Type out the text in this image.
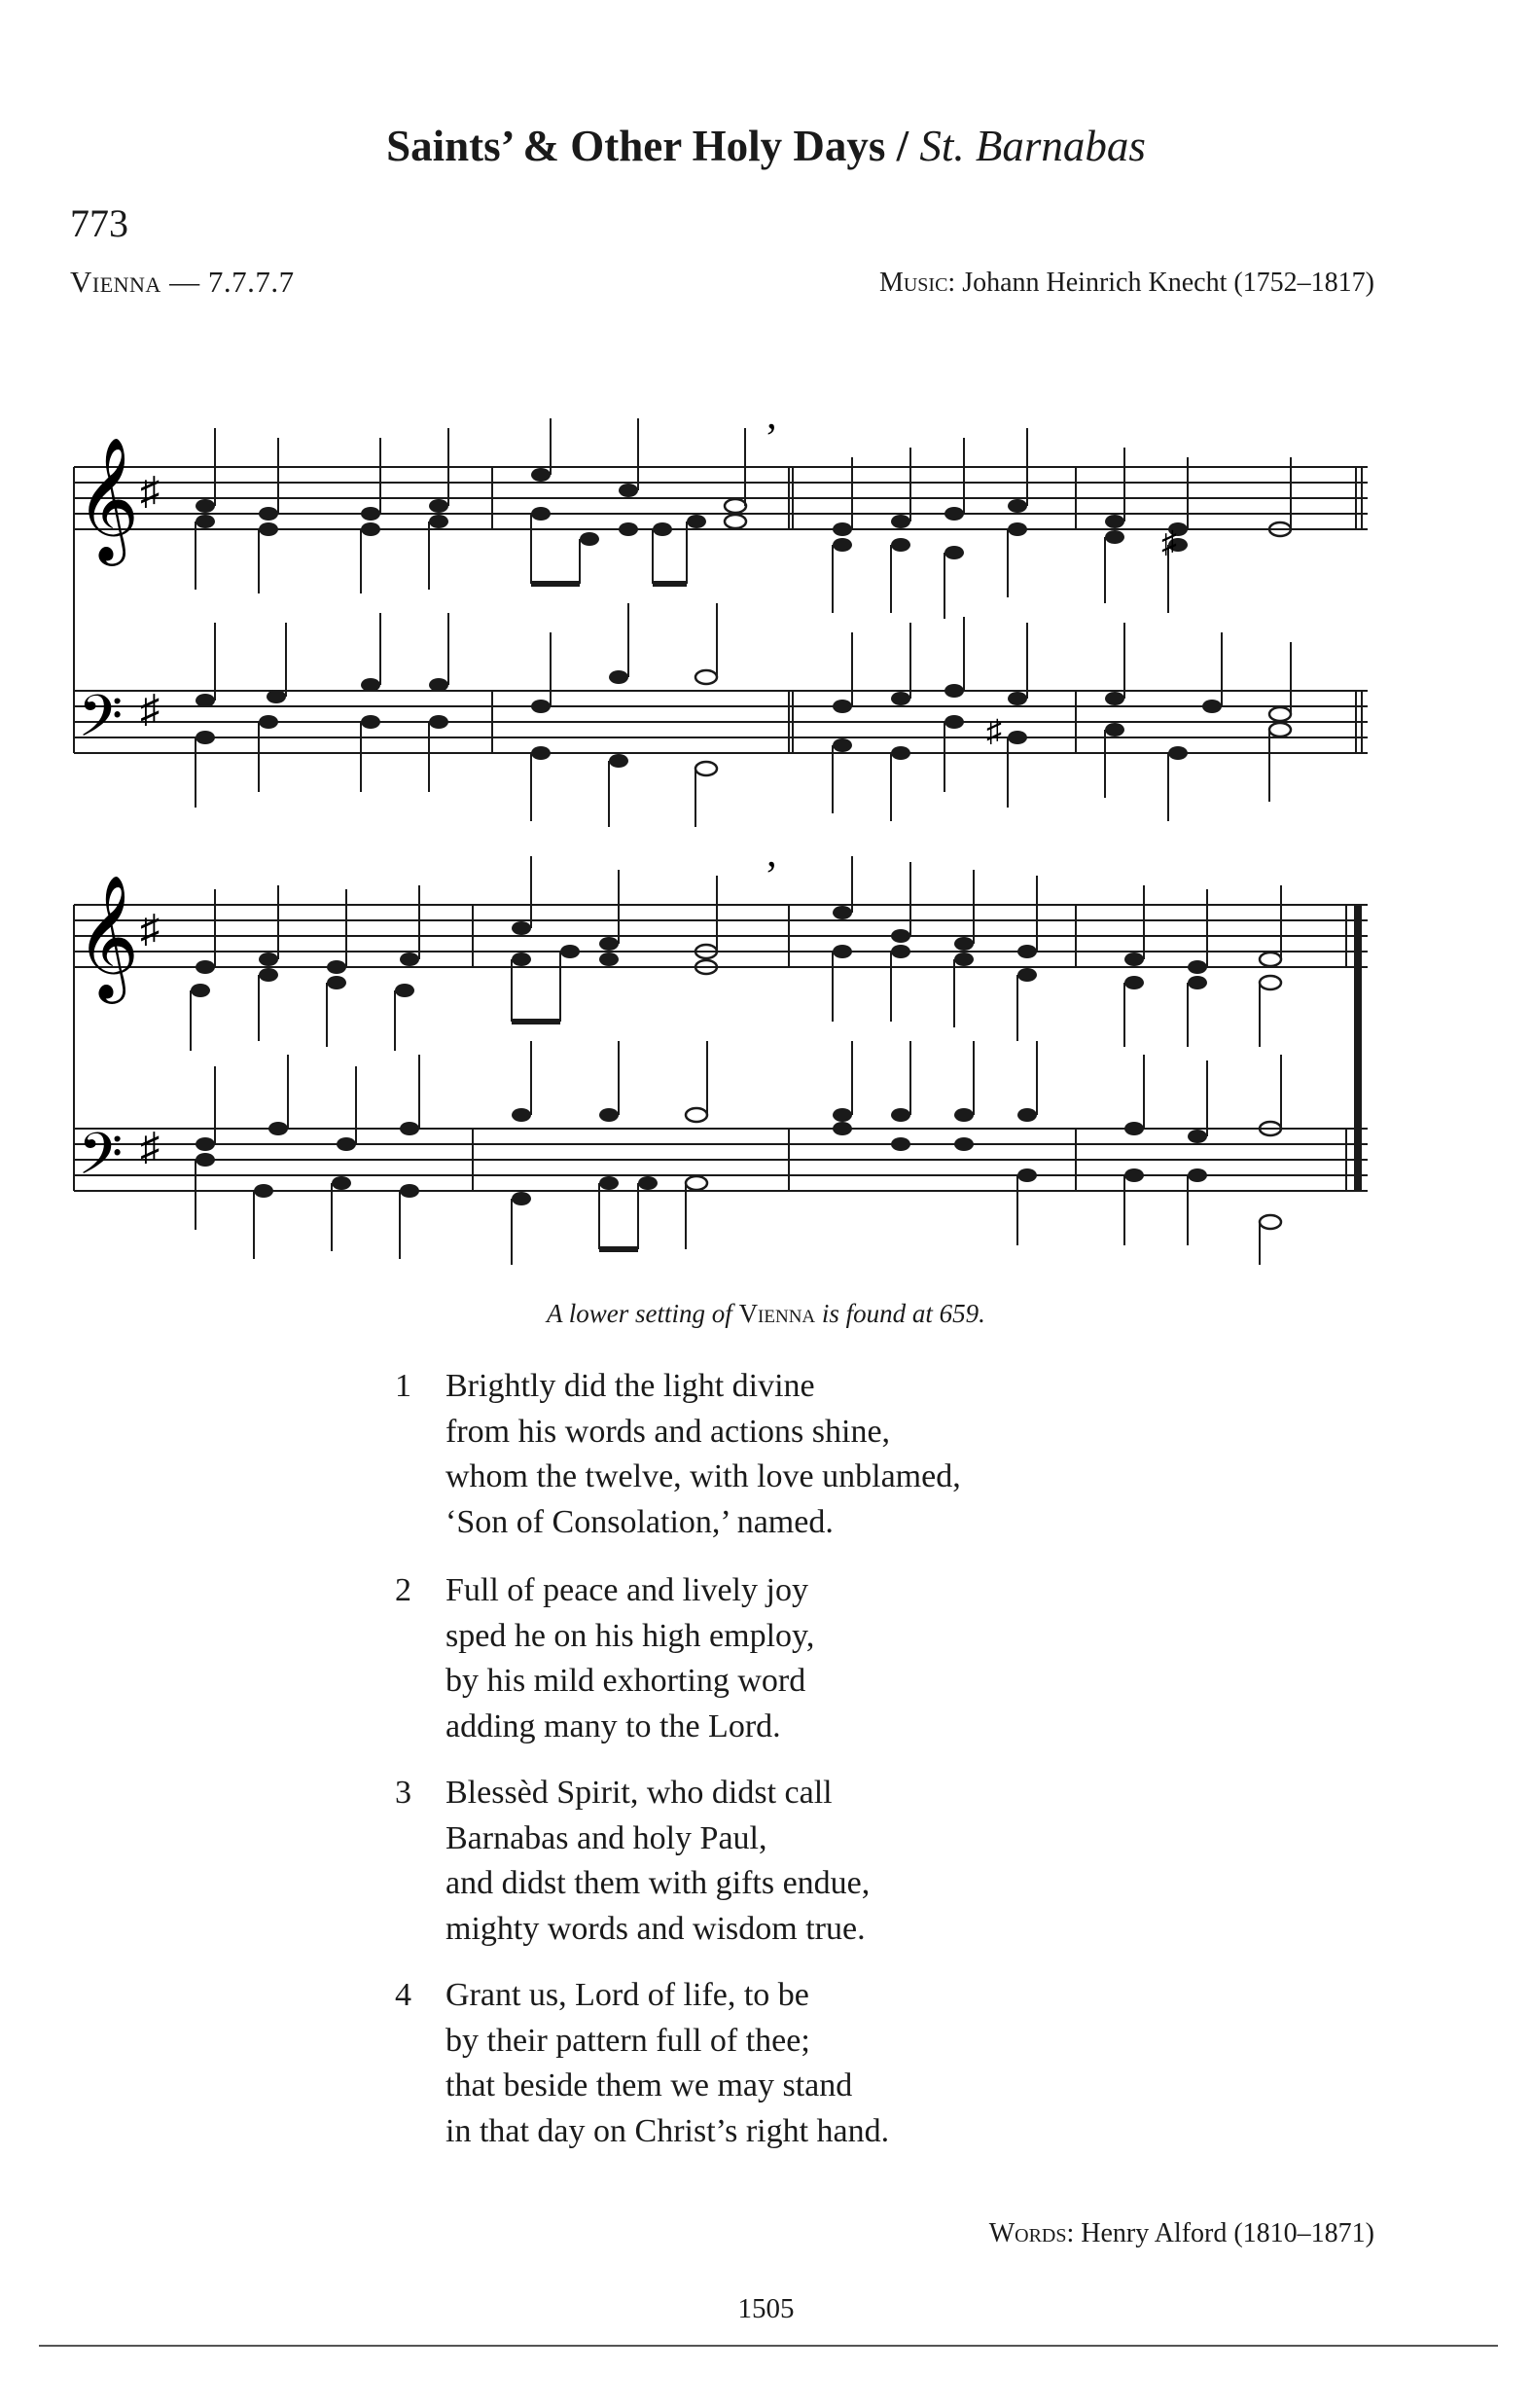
Saints’ & Other Holy Days / St. Barnabas
773
Vienna — 7.7.7.7	Music: Johann Heinrich Knecht (1752–1817)
𝄞 ♯
𝄢 ♯
’
♯
♯
𝄞 ♯
𝄢 ♯
’
A lower setting of Vienna is found at 659.
1 Brightly did the light divine
from his words and actions shine,
whom the twelve, with love unblamed,
‘Son of Consolation,’ named.
2 Full of peace and lively joy
sped he on his high employ,
by his mild exhorting word
adding many to the Lord.
3 Blessèd Spirit, who didst call
Barnabas and holy Paul,
and didst them with gifts endue,
mighty words and wisdom true.
4 Grant us, Lord of life, to be
by their pattern full of thee;
that beside them we may stand
in that day on Christ’s right hand.
Words: Henry Alford (1810–1871)
1505
